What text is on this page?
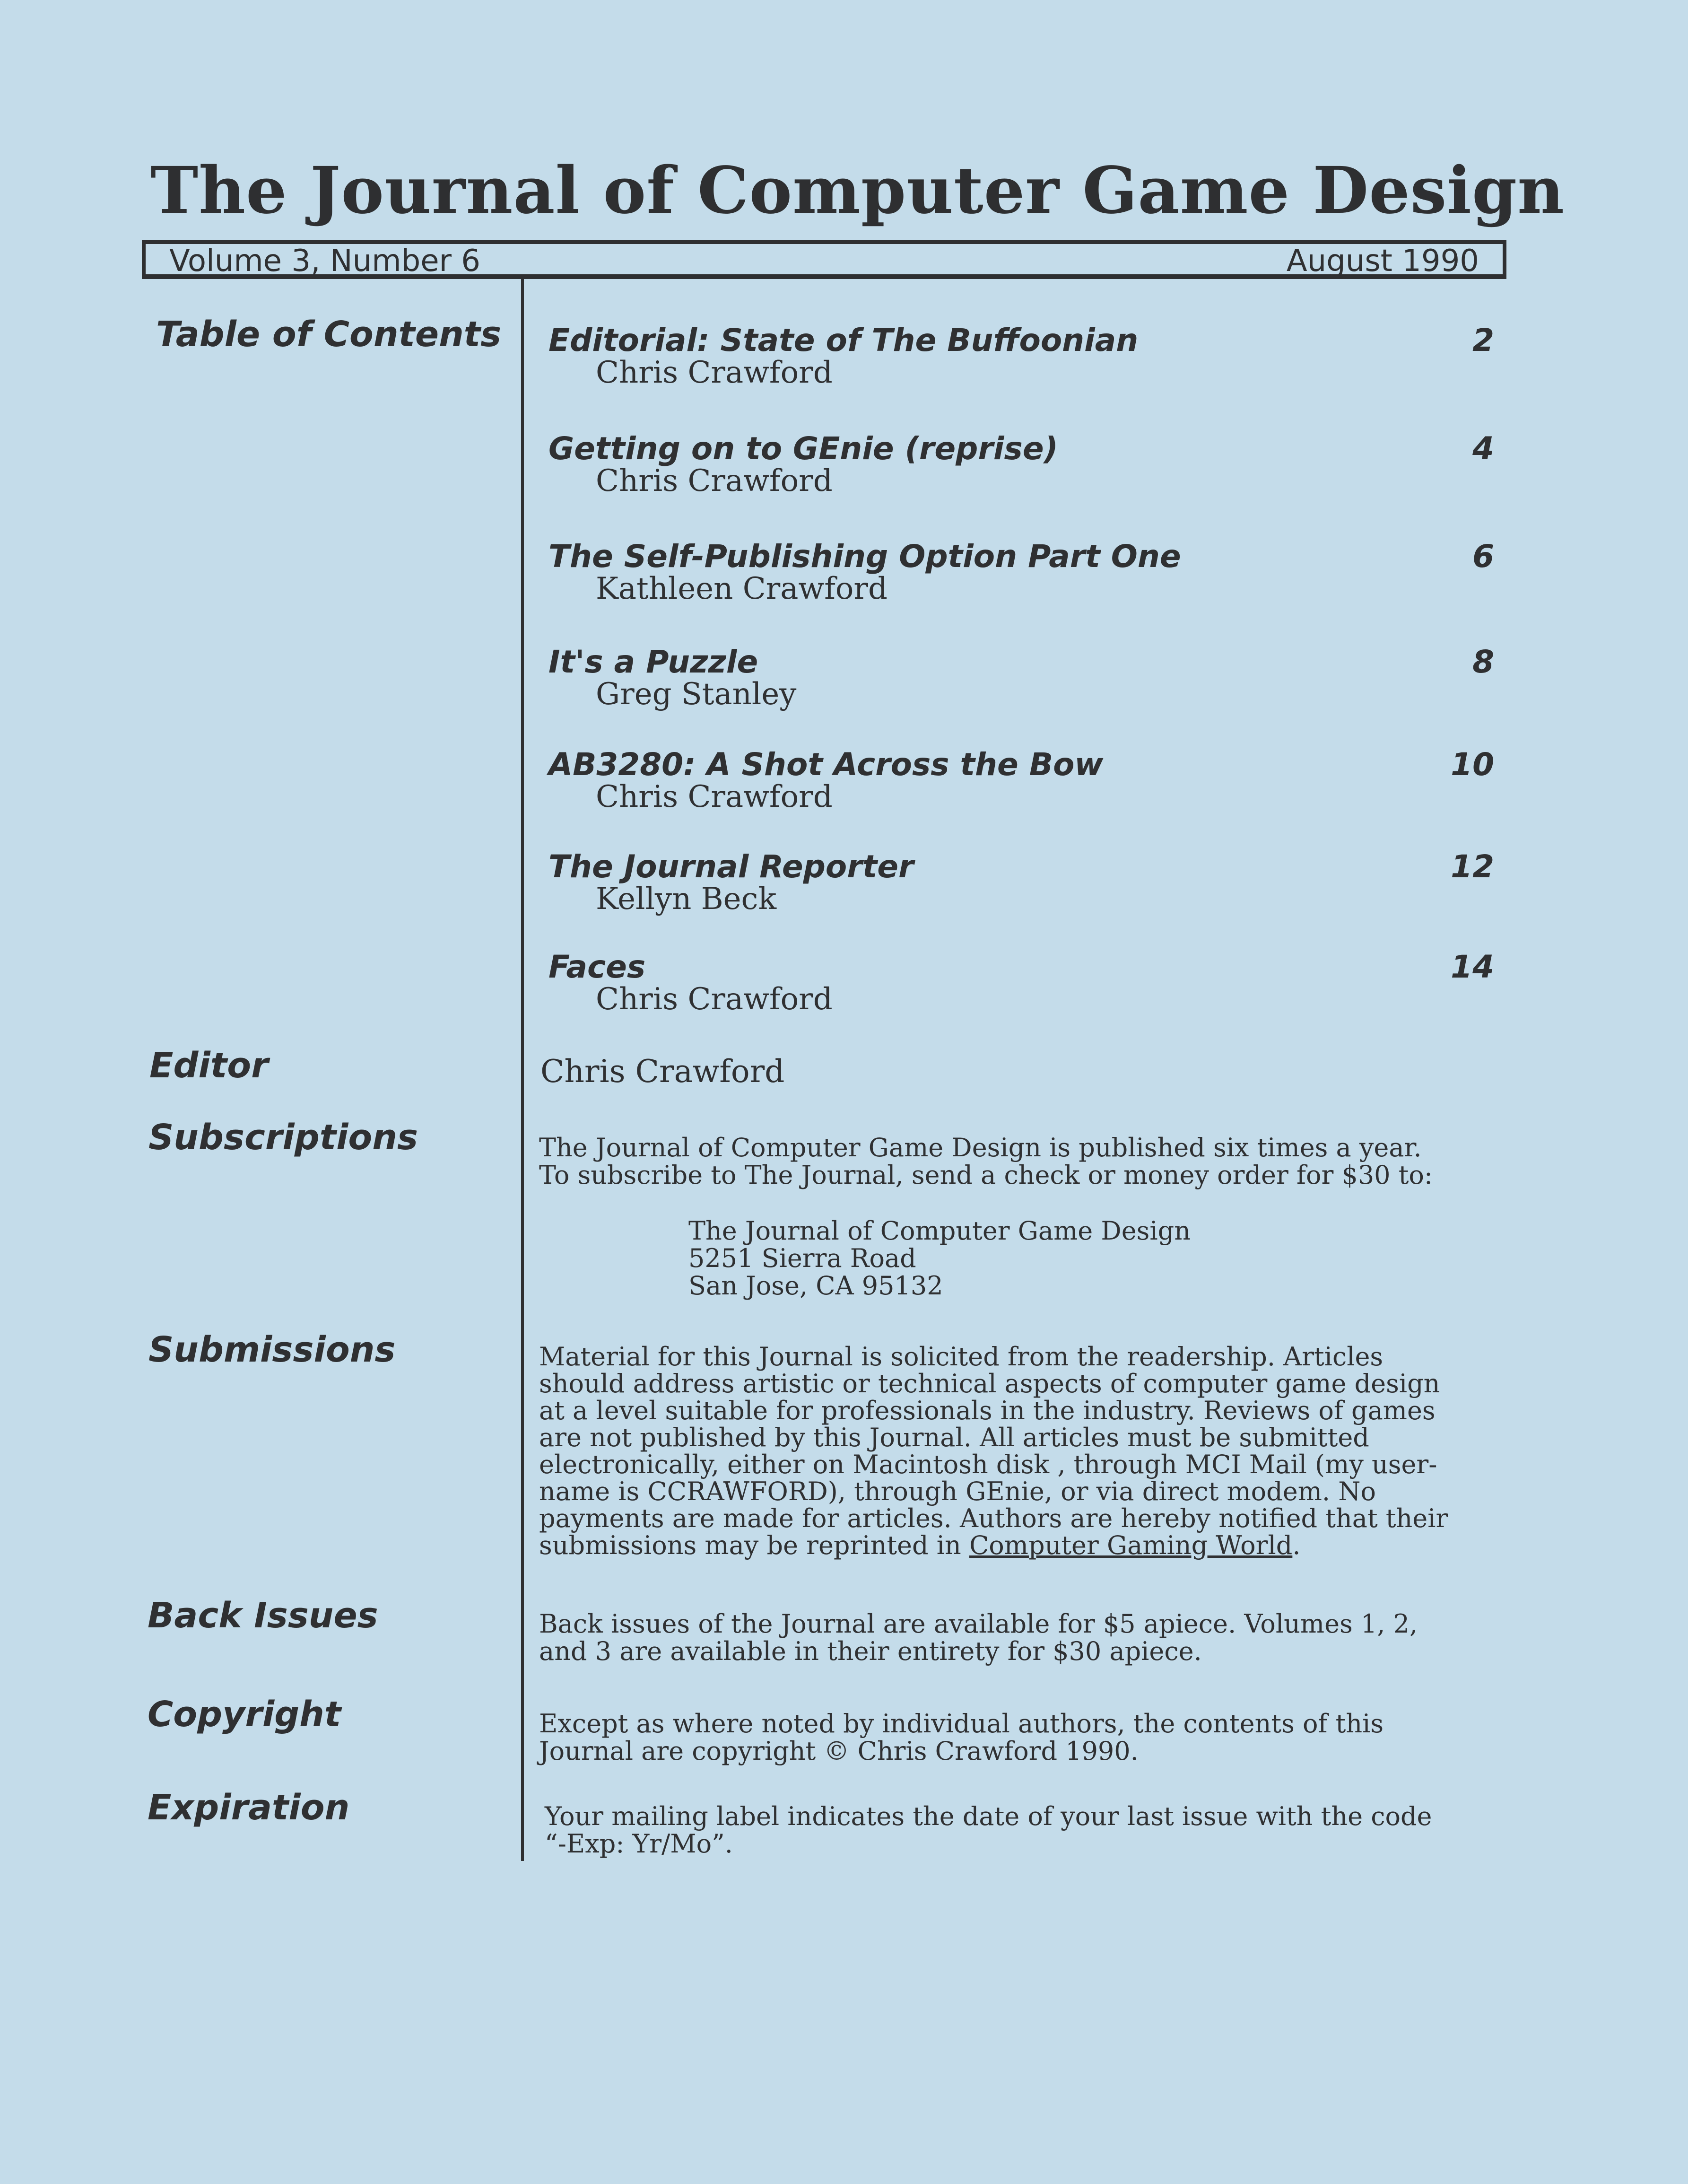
The Journal of Computer Game Design
Volume 3, Number 6	August 1990
Table of Contents
Editor
Subscriptions
Submissions
Back Issues
Copyright
Expiration
Editorial: State of The Buffoonian
Chris Crawford
2
Getting on to GEnie (reprise)
Chris Crawford
4
The Self-Publishing Option Part One
Kathleen Crawford
6
It's a Puzzle
Greg Stanley
8
AB3280: A Shot Across the Bow
Chris Crawford
10
The Journal Reporter
Kellyn Beck
12
Faces
Chris Crawford
14
Chris Crawford
The Journal of Computer Game Design is published six times a year.
To subscribe to The Journal, send a check or money order for $30 to:
The Journal of Computer Game Design
5251 Sierra Road
San Jose, CA 95132
Material for this Journal is solicited from the readership. Articles
should address artistic or technical aspects of computer game design
at a level suitable for professionals in the industry. Reviews of games
are not published by this Journal. All articles must be submitted
electronically, either on Macintosh disk , through MCI Mail (my user-
name is CCRAWFORD), through GEnie, or via direct modem. No
payments are made for articles. Authors are hereby notified that their
submissions may be reprinted in Computer Gaming World.
Back issues of the Journal are available for $5 apiece. Volumes 1, 2,
and 3 are available in their entirety for $30 apiece.
Except as where noted by individual authors, the contents of this
Journal are copyright © Chris Crawford 1990.
Your mailing label indicates the date of your last issue with the code
“-Exp: Yr/Mo”.
